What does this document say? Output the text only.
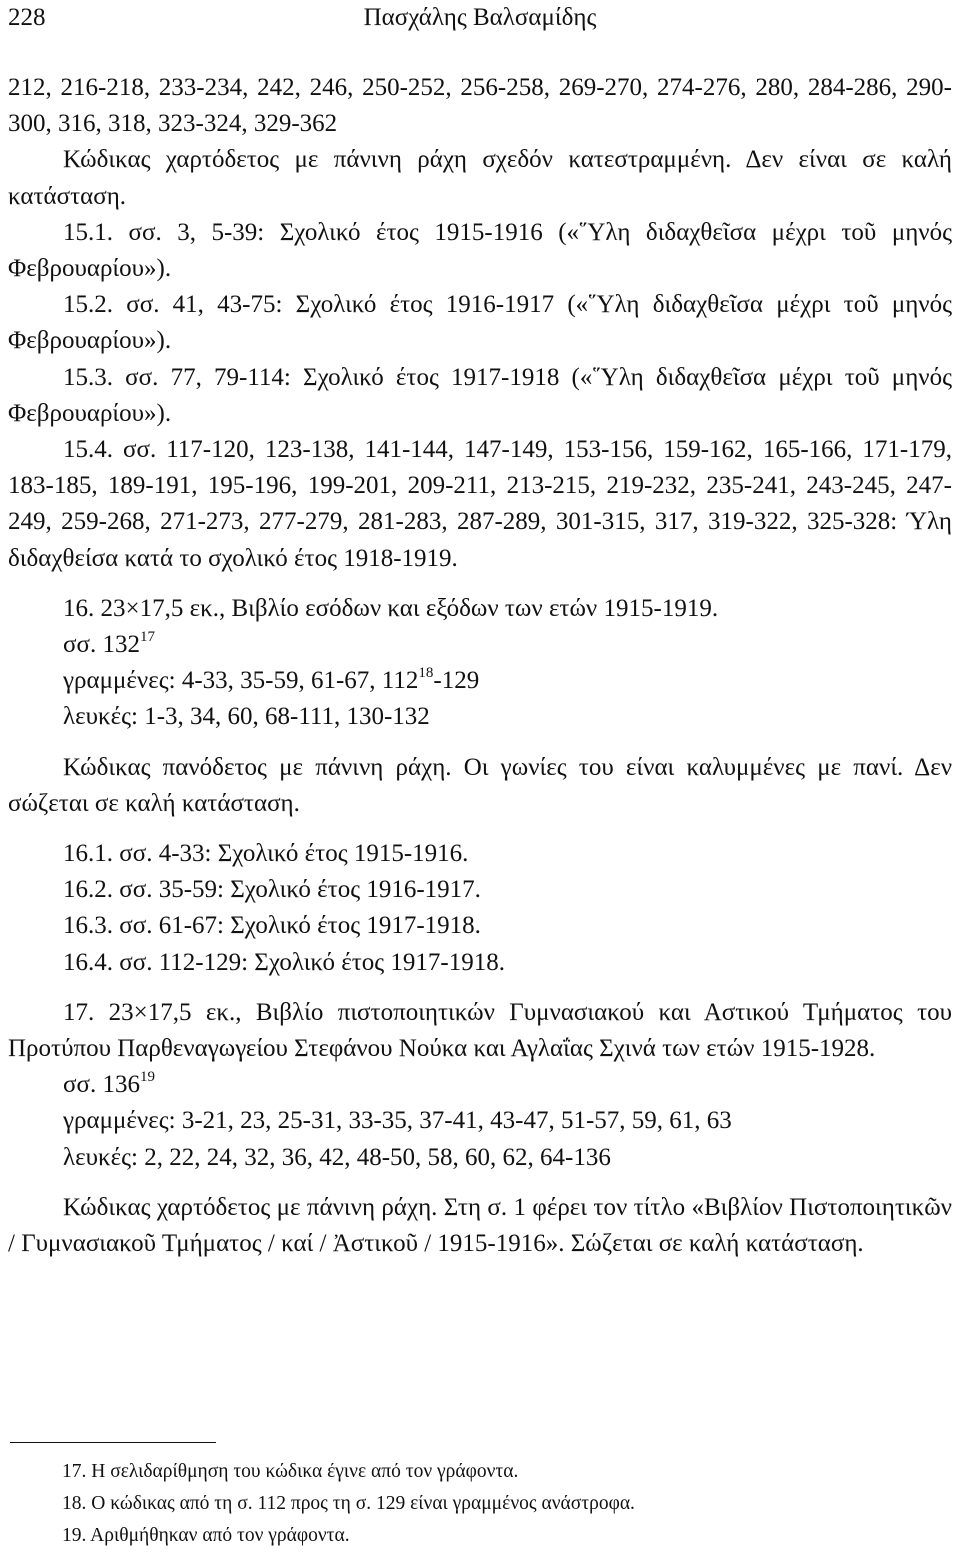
228	Πασχάλης Βαλσαμίδης

212, 216-218, 233-234, 242, 246, 250-252, 256-258, 269-270, 274-276, 280, 284-286, 290-300, 316, 318, 323-324, 329-362

Κώδικας χαρτόδετος με πάνινη ράχη σχεδόν κατεστραμμένη. Δεν είναι σε καλή κατάσταση.

15.1. σσ. 3, 5-39: Σχολικό έτος 1915-1916 («῞Υλη διδαχθεῖσα μέχρι τοῦ μηνός Φεβρουαρίου»).

15.2. σσ. 41, 43-75: Σχολικό έτος 1916-1917 («῞Υλη διδαχθεῖσα μέχρι τοῦ μηνός Φεβρουαρίου»).

15.3. σσ. 77, 79-114: Σχολικό έτος 1917-1918 («῞Υλη διδαχθεῖσα μέχρι τοῦ μηνός Φεβρουαρίου»).

15.4. σσ. 117-120, 123-138, 141-144, 147-149, 153-156, 159-162, 165-166, 171-179, 183-185, 189-191, 195-196, 199-201, 209-211, 213-215, 219-232, 235-241, 243-245, 247-249, 259-268, 271-273, 277-279, 281-283, 287-289, 301-315, 317, 319-322, 325-328: Ύλη διδαχθείσα κατά το σχολικό έτος 1918-1919.

16. 23×17,5 εκ., Βιβλίο εσόδων και εξόδων των ετών 1915-1919.

σσ. $132^{17}$

γραμμένες: 4-33, 35-59, 61-67, $112^{18}-129$

λευκές: 1-3, 34, 60, 68-111, 130-132

Κώδικας πανόδετος με πάνινη ράχη. Οι γωνίες του είναι καλυμμένες με πανί. Δεν σώζεται σε καλή κατάσταση.

16.1. σσ. 4-33: Σχολικό έτος 1915-1916.

16.2. σσ. 35-59: Σχολικό έτος 1916-1917.

16.3. σσ. 61-67: Σχολικό έτος 1917-1918.

16.4. σσ. 112-129: Σχολικό έτος 1917-1918.

17. 23×17,5 εκ., Βιβλίο πιστοποιητικών Γυμνασιακού και Αστικού Τμήματος του Προτύπου Παρθεναγωγείου Στεφάνου Νούκα και Αγλαΐας Σχινά των ετών 1915-1928.

σσ. $136^{19}$

γραμμένες: 3-21, 23, 25-31, 33-35, 37-41, 43-47, 51-57, 59, 61, 63

λευκές: 2, 22, 24, 32, 36, 42, 48-50, 58, 60, 62, 64-136

Κώδικας χαρτόδετος με πάνινη ράχη. Στη σ. 1 φέρει τον τίτλο «Βιβλίον Πιστοποιητικῶν / Γυμνασιακοῦ Τμήματος / καί / Ἀστικοῦ / 1915-1916». Σώζεται σε καλή κατάσταση.

17. Η σελιδαρίθμηση του κώδικα έγινε από τον γράφοντα.

18. Ο κώδικας από τη σ. 112 προς τη σ. 129 είναι γραμμένος ανάστροφα.

19. Αριθμήθηκαν από τον γράφοντα.
